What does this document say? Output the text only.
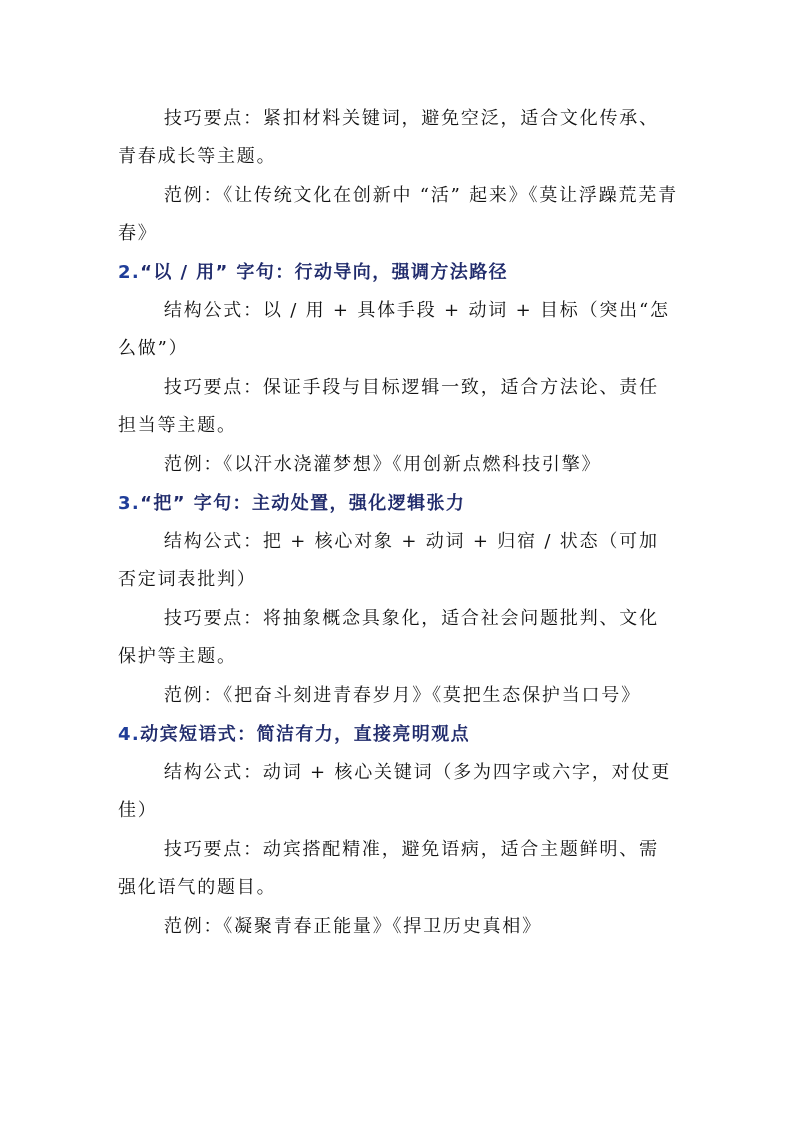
技巧要点：紧扣材料关键词，避免空泛，适合文化传承、青春成长等主题。

范例：《让传统文化在创新中 “活” 起来》《莫让浮躁荒芜青春》

2.“以 / 用” 字句：行动导向，强调方法路径

结构公式：以 / 用 + 具体手段 + 动词 + 目标（突出“怎么做”）

技巧要点：保证手段与目标逻辑一致，适合方法论、责任担当等主题。

范例：《以汗水浇灌梦想》《用创新点燃科技引擎》

3.“把” 字句：主动处置，强化逻辑张力

结构公式：把 + 核心对象 + 动词 + 归宿 / 状态（可加否定词表批判）

技巧要点：将抽象概念具象化，适合社会问题批判、文化保护等主题。

范例：《把奋斗刻进青春岁月》《莫把生态保护当口号》

4.动宾短语式：简洁有力，直接亮明观点

结构公式：动词 + 核心关键词（多为四字或六字，对仗更佳）

技巧要点：动宾搭配精准，避免语病，适合主题鲜明、需强化语气的题目。

范例：《凝聚青春正能量》《捍卫历史真相》
